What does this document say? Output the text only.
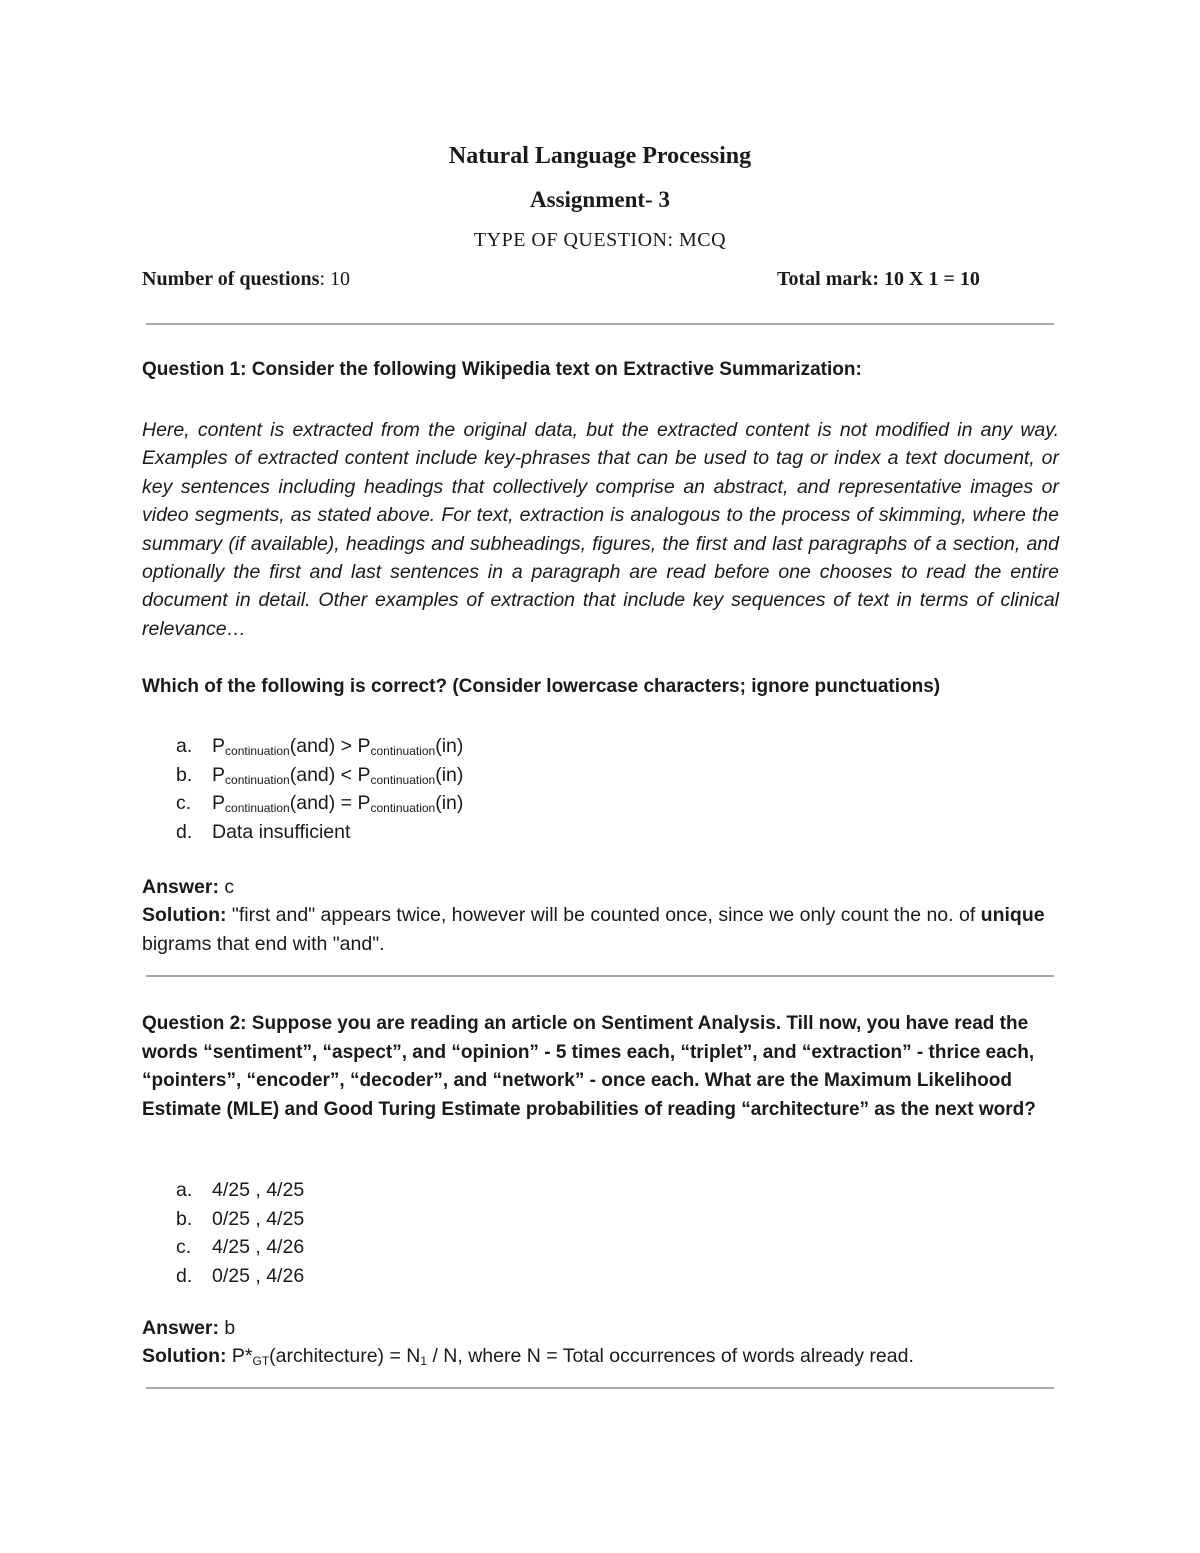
Natural Language Processing
Assignment- 3
TYPE OF QUESTION: MCQ
Number of questions: 10	Total mark: 10 X 1 = 10
Question 1: Consider the following Wikipedia text on Extractive Summarization:
Here, content is extracted from the original data, but the extracted content is not modified in any way. Examples of extracted content include key-phrases that can be used to tag or index a text document, or key sentences including headings that collectively comprise an abstract, and representative images or video segments, as stated above. For text, extraction is analogous to the process of skimming, where the summary (if available), headings and subheadings, figures, the first and last paragraphs of a section, and optionally the first and last sentences in a paragraph are read before one chooses to read the entire document in detail. Other examples of extraction that include key sequences of text in terms of clinical relevance…
Which of the following is correct? (Consider lowercase characters; ignore punctuations)
a. $P_{continuation}(and) > P_{continuation}(in)$
b. $P_{continuation}(and) < P_{continuation}(in)$
c. $P_{continuation}(and) = P_{continuation}(in)$
d. Data insufficient
Answer: c
Solution: "first and" appears twice, however will be counted once, since we only count the no. of unique bigrams that end with "and".
Question 2: Suppose you are reading an article on Sentiment Analysis. Till now, you have read the words “sentiment”, “aspect”, and “opinion” - 5 times each, “triplet”, and “extraction” - thrice each, “pointers”, “encoder”, “decoder”, and “network” - once each. What are the Maximum Likelihood Estimate (MLE) and Good Turing Estimate probabilities of reading “architecture” as the next word?
a. 4/25 , 4/25
b. 0/25 , 4/25
c. 4/25 , 4/26
d. 0/25 , 4/26
Answer: b
Solution: $P*_{GT}(architecture) = N_1 / N$, where N = Total occurrences of words already read.
